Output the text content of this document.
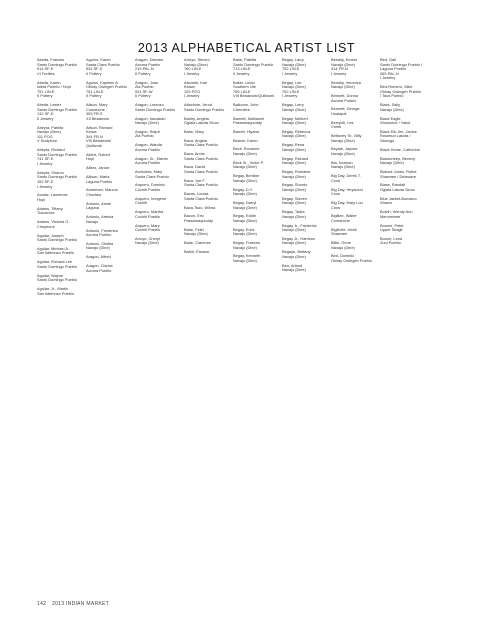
2013 ALPHABETICAL ARTIST LIST
Abeita, Frances
Santo Domingo Pueblo
914 SF-E
VI Textiles
Abeita, Karen
Isleta Pueblo / Hopi
751 LIN-E
II Pottery
Abeita, Lester
Santo Domingo Pueblo
132 SF-E
II Jewelry
Abeyta, Pablita
Navajo (Dine)
111 POG
V Sculpture
Abeyta, Richard
Santo Domingo Pueblo
741 SF-E
I Jewelry
Abeyta, Sharon
Santo Domingo Pueblo
152 SF-E
I Jewelry
Acadiz, Lawrence
Hopi
Adams, Tiffany
Tuscarora
Adams, Victoria G.
Cheyenne
Aguilar, Joseph
Santo Domingo Pueblo
Aguilar, Michael A.
San Ildefonso Pueblo
Aguilar, Richard Lee
Santo Domingo Pueblo
Aguilar, Wayne
Santo Domingo Pueblo
Aguilar, Jr., Martin
San Ildefonso Pueblo
Aguino, Karen
Santa Clara Pueblo
534 SF-E
II Pottery
Aguino, Kayleen A.
Ohkay Owingeh Pueblo
751 LIN-E
II Pottery
Aitson, Mary
Comanche
353 FR-S
XII Beadwork
Aitson, Richard
Kiowa
344 FR-N
VIII Beadwork/
Quillwork
Albert, Robert
Hopi
Alfaro, Janice
Allison, Marla
Laguna Pueblo
Amerman, Marcus
Choctaw
Antonio, Annie
Laguna
Antonio, Artesia
Navajo
Antonio, Frederica
Acoma Pueblo
Antonio, Otatha
Navajo (Dine)
Aragon, Alfred
Aragon, Clarice
Acoma Pueblo
Aragon, Delores
Acoma Pueblo
215 PAL-N
II Pottery
Aragon, Joan
Zia Pueblo
531 SF-W
II Pottery
Aragon, Lorenzo
Santo Domingo Pueblo
Aragon, Nanabah
Navajo (Dine)
Aragon, Ralph
Zia Pueblo
Aragon, Wanda
Acoma Pueblo
Aragon, Sr., Marvin
Acoma Pueblo
Archuleta, Mary
Santa Clara Pueblo
Arquero, Dominic
Cochiti Pueblo
Arquero, Imogene
Cochiti
Arquero, Martha
Cochiti Pueblo
Arquero, Mary
Cochiti Pueblo
Arroyo, Cheryl
Navajo (Dine)
Arroyo, Steven
Navajo (Dine)
760 LIN-E
I Jewelry
Atsumbi, Kari
Kiowa
125 POG
I Jewelry
Attocknie, Jerod
Santo Domingo Pueblo
Baldry, Angela
Oglala Lakota Sioux
Bahe, Mary
Baca, Angela
Santa Clara Pueblo
Baca, Annie
Santa Clara Pueblo
Baca, David
Santa Clara Pueblo
Baca, Joe F.
Santa Clara Pueblo
Bacas, Louisa
Santa Clara Pueblo
Baca-Tsoo, Wilma
Bacon, Eric
Passamaquoddy
Bahe, Fidel
Navajo (Dine)
Bahe, Clarence
Bahiri, Eleanor
Bahe, Pablita
Santo Domingo Pueblo
713 LIN-E
II Jewelry
Baker, Linda
Southern Ute
756 LIN-E
VIII Beadwork/Quillwork
Balkcom, John
Cherokee
Barnett, Nathaniel
Passamaquoddy
Barrett, Hiyana
Beaver, Karen
Beck, Roxanne
Navajo (Dine)
Beck Sr., Victor P.
Navajo (Dine)
Begay, Berdine
Navajo (Dine)
Begay, D.Y.
Navajo (Dine)
Begay, Darryl
Navajo (Dine)
Begay, Eddie
Navajo (Dine)
Begay, Erick
Navajo (Dine)
Begay, Frances
Navajo (Dine)
Begay, Kenneth
Navajo (Dine)
Begay, Larry
Navajo (Dine)
752 LIN-E
I Jewelry
Begay, Lee
Navajo (Dine)
752 LIN-E
I Jewelry
Begay, Lorry
Navajo (Dine)
Begay, Melbert
Navajo (Dine)
Begay, Rebecca
Navajo (Dine)
Begay, Rena
Navajo (Dine)
Begay, Richard
Navajo (Dine)
Begay, Romaine
Navajo (Dine)
Begay, Shonto
Navajo (Dine)
Begay, Steven
Navajo (Dine)
Begay, Tadra
Navajo (Dine)
Begay Jr., Frederick
Navajo (Dine)
Begay Jr., Harrison
Navajo (Dine)
Begaye, Brittany
Navajo (Dine)
Ben, Arland
Navajo (Dine)
Benally, Ernest
Navajo (Dine)
314 FR-N
I Jewelry
Benally, Veronica
Navajo (Dine)
Bennett, Donna
Acoma Pueblo
Bennett, George
Hualapai
Berryhill, Les
Creek
Bettoney Sr., Billy
Navajo (Dine)
Beyale, Jaycee
Navajo (Dine)
Bia, Norman
Navajo (Dine)
Big Day, Derek T.
Crow
Big Day, Heywood
Crow
Big Day, Mary Lou
Crow
BigBee, Walter
Comanche
BigKnife, Heidi
Shawnee
Billie, Gene
Navajo (Dine)
Bird, Dominic
Ohkay Owingeh Pueblo
Bird, Gail
Santo Domingo Pueblo /
Laguna Pueblo
265 PAL-N
I Jewelry
Bird-Romero, Mike
Ohkay Owingeh Pueblo
/ Taos Pueblo
Black, Sally
Navajo (Dine)
Black Eagle
Shoshone / Yakut
Black Elk-Jim, Janice
Rosebud Lakota /
Sicangu
Black Horse, Catherine
Blackcheep, Beverly
Navajo (Dine)
Blalock Jones, Ruthe
Shawnee / Delaware
Blase, Randall
Oglala Lakota Sioux
Blue Jacket-Bozzano,
Shawn
Boivin, Wendy Ann
Menominee
Boome, Peter
Upper Skagit
Boone, Lena
Zuni Pueblo
142 2013 INDIAN MARKET
